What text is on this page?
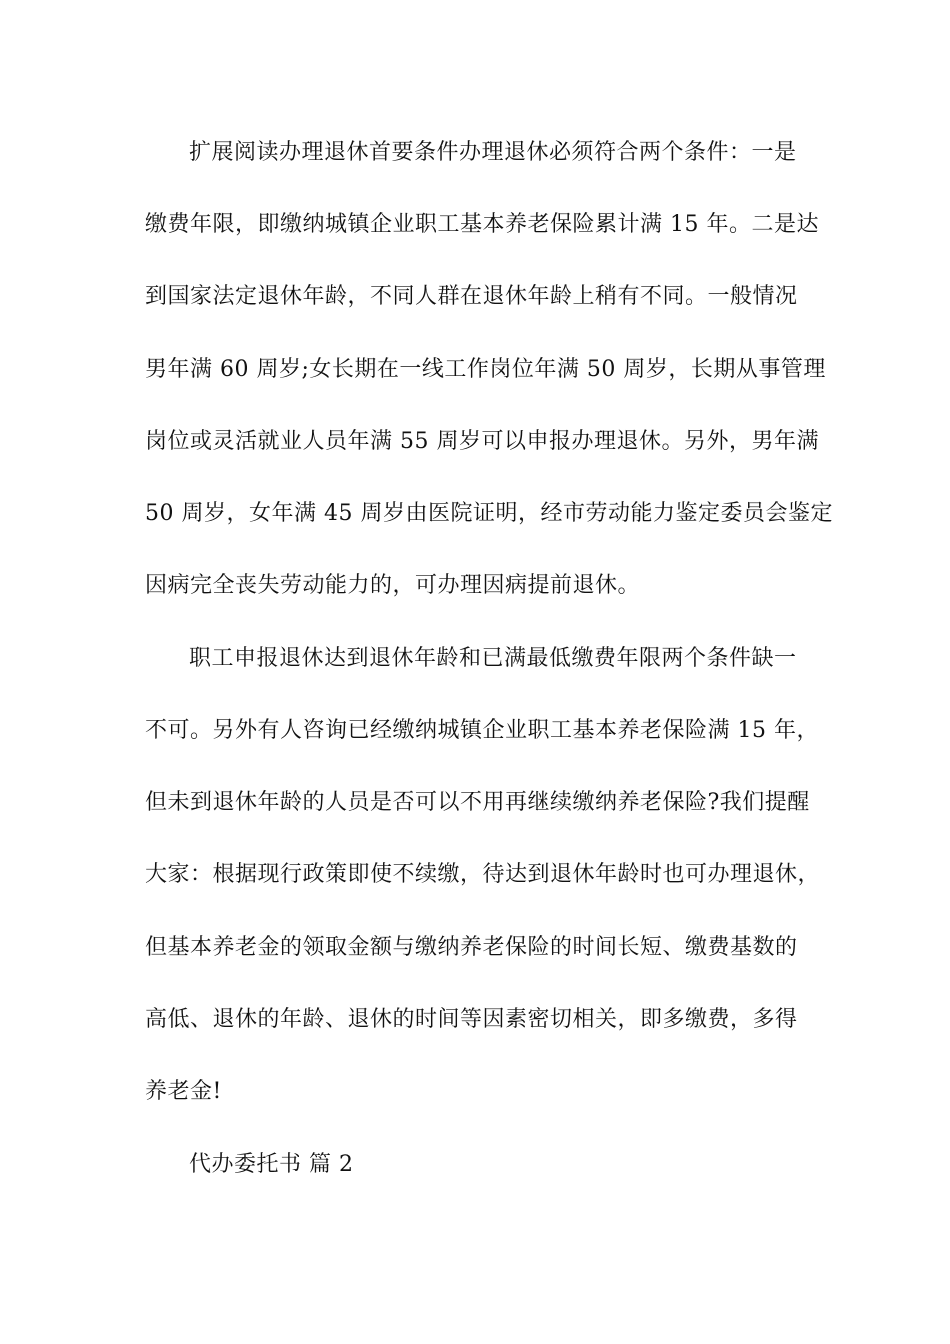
扩展阅读办理退休首要条件办理退休必须符合两个条件：一是
缴费年限，即缴纳城镇企业职工基本养老保险累计满 15 年。二是达
到国家法定退休年龄，不同人群在退休年龄上稍有不同。一般情况
男年满 60 周岁;女长期在一线工作岗位年满 50 周岁，长期从事管理
岗位或灵活就业人员年满 55 周岁可以申报办理退休。另外，男年满
50 周岁，女年满 45 周岁由医院证明，经市劳动能力鉴定委员会鉴定
因病完全丧失劳动能力的，可办理因病提前退休。
职工申报退休达到退休年龄和已满最低缴费年限两个条件缺一
不可。另外有人咨询已经缴纳城镇企业职工基本养老保险满 15 年，
但未到退休年龄的人员是否可以不用再继续缴纳养老保险?我们提醒
大家：根据现行政策即使不续缴，待达到退休年龄时也可办理退休，
但基本养老金的领取金额与缴纳养老保险的时间长短、缴费基数的
高低、退休的年龄、退休的时间等因素密切相关，即多缴费，多得
养老金!
代办委托书 篇 2
